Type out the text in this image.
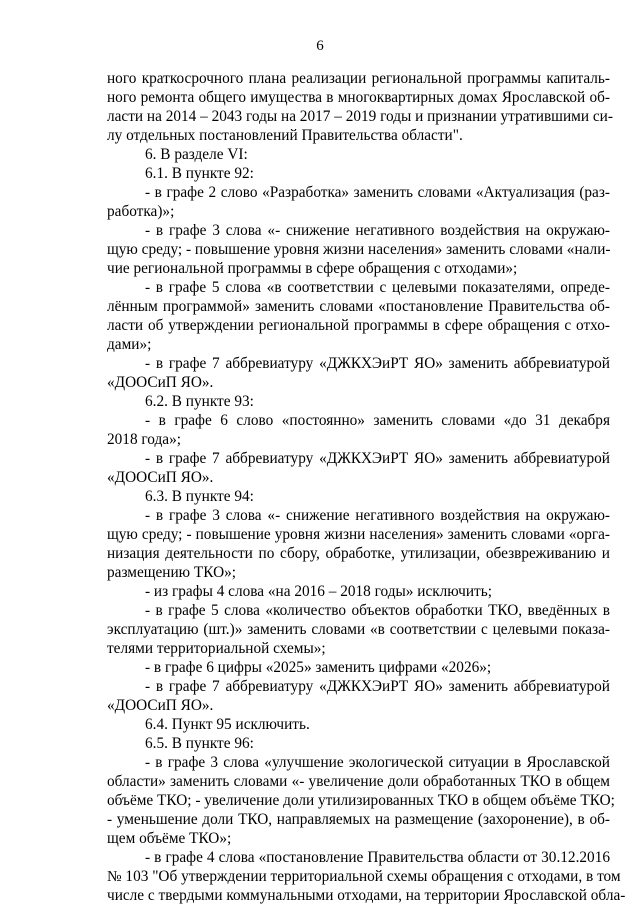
6
ного краткосрочного плана реализации региональной программы капиталь-
ного ремонта общего имущества в многоквартирных домах Ярославской об-
ласти на 2014 – 2043 годы на 2017 – 2019 годы и признании утратившими си-
лу отдельных постановлений Правительства области".
6. В разделе VI:
6.1. В пункте 92:
- в графе 2 слово «Разработка» заменить словами «Актуализация (раз-
работка)»;
- в графе 3 слова «- снижение негативного воздействия на окружаю-
щую среду; - повышение уровня жизни населения» заменить словами «нали-
чие региональной программы в сфере обращения с отходами»;
- в графе 5 слова «в соответствии с целевыми показателями, опреде-
лённым программой» заменить словами «постановление Правительства об-
ласти об утверждении региональной программы в сфере обращения с отхо-
дами»;
- в графе 7 аббревиатуру «ДЖКХЭиРТ ЯО» заменить аббревиатурой
«ДООСиП ЯО».
6.2. В пункте 93:
- в графе 6 слово «постоянно» заменить словами «до 31 декабря
2018 года»;
- в графе 7 аббревиатуру «ДЖКХЭиРТ ЯО» заменить аббревиатурой
«ДООСиП ЯО».
6.3. В пункте 94:
- в графе 3 слова «- снижение негативного воздействия на окружаю-
щую среду; - повышение уровня жизни населения» заменить словами «орга-
низация деятельности по сбору, обработке, утилизации, обезвреживанию и
размещению ТКО»;
- из графы 4 слова «на 2016 – 2018 годы» исключить;
- в графе 5 слова «количество объектов обработки ТКО, введённых в
эксплуатацию (шт.)» заменить словами «в соответствии с целевыми показа-
телями территориальной схемы»;
- в графе 6 цифры «2025» заменить цифрами «2026»;
- в графе 7 аббревиатуру «ДЖКХЭиРТ ЯО» заменить аббревиатурой
«ДООСиП ЯО».
6.4. Пункт 95 исключить.
6.5. В пункте 96:
- в графе 3 слова «улучшение экологической ситуации в Ярославской
области» заменить словами «- увеличение доли обработанных ТКО в общем
объёме ТКО; - увеличение доли утилизированных ТКО в общем объёме ТКО;
- уменьшение доли ТКО, направляемых на размещение (захоронение), в об-
щем объёме ТКО»;
- в графе 4 слова «постановление Правительства области от 30.12.2016
№ 103 "Об утверждении территориальной схемы обращения с отходами, в том
числе с твердыми коммунальными отходами, на территории Ярославской обла-
